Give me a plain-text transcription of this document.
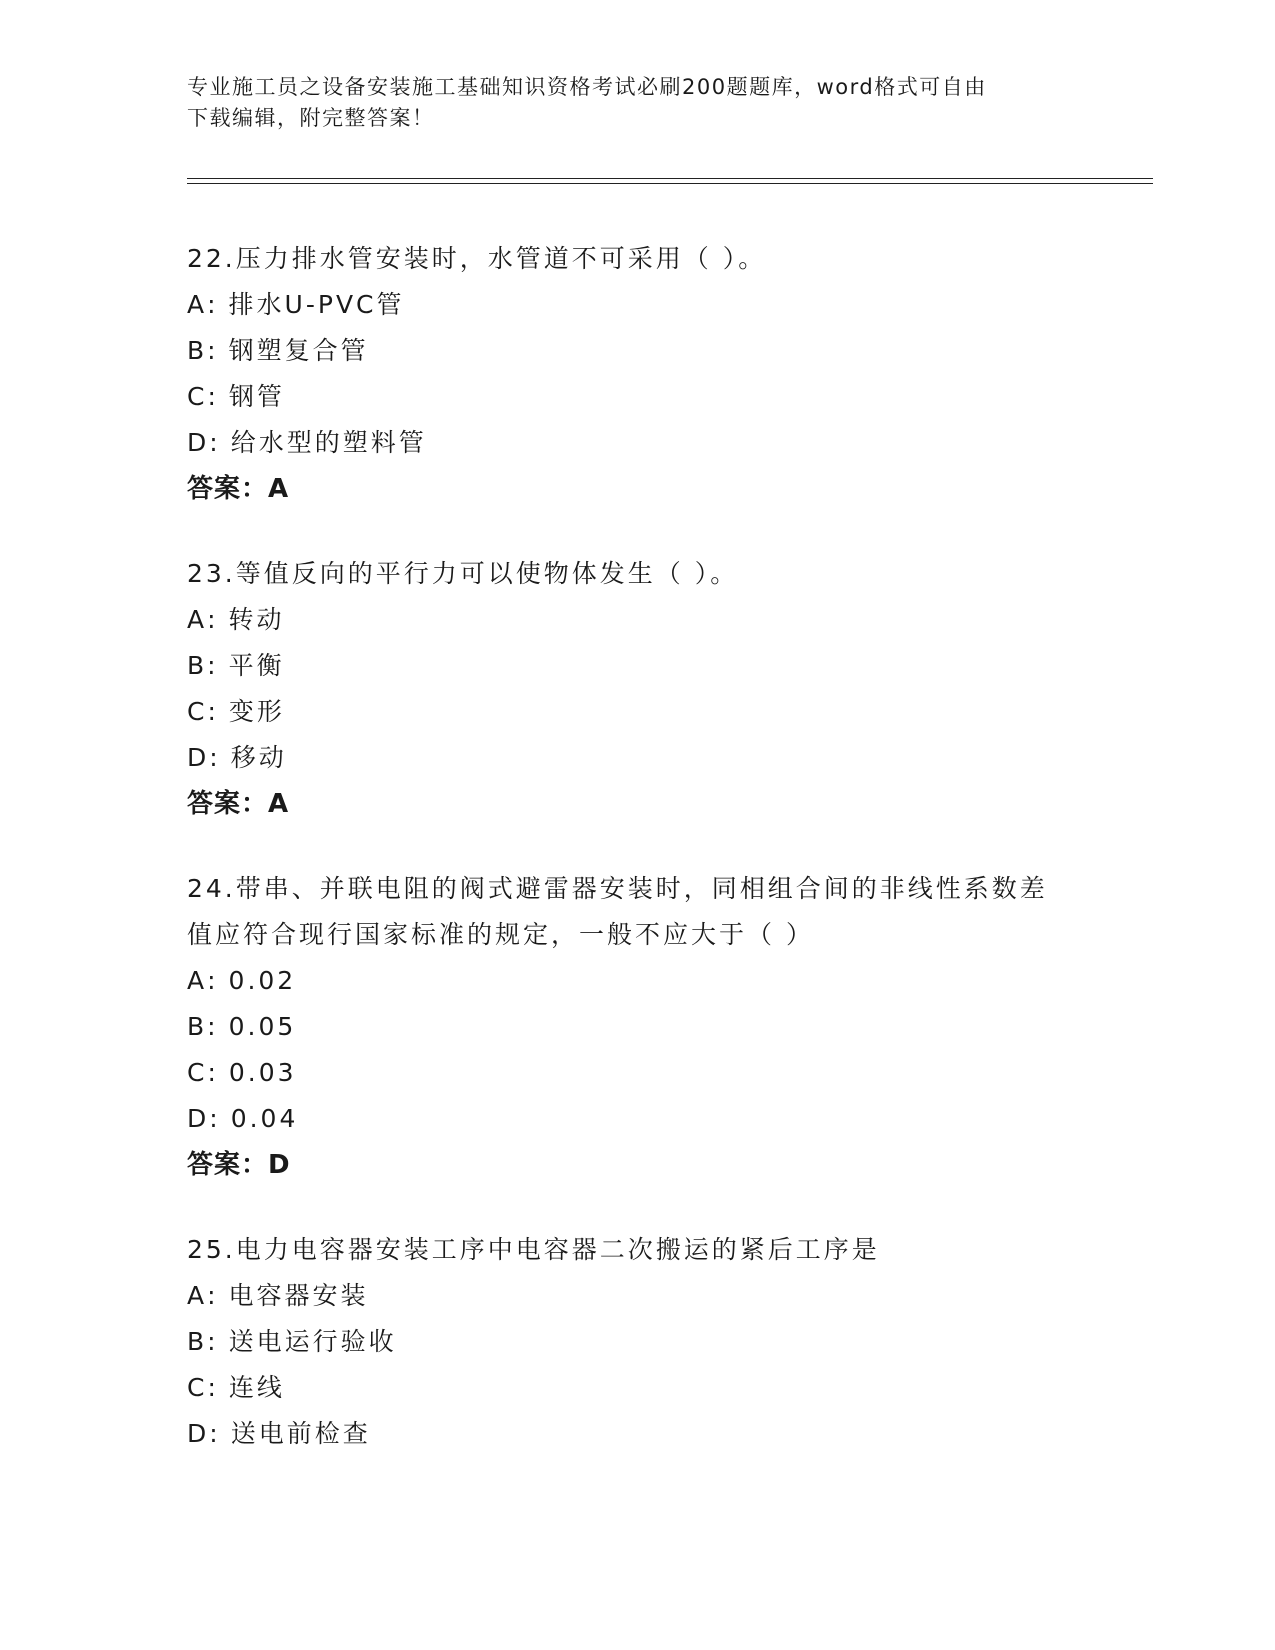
专业施工员之设备安装施工基础知识资格考试必刷200题题库，word格式可自由
下载编辑，附完整答案！
22.压力排水管安装时，水管道不可采用（ ）。
A: 排水U-PVC管
B: 钢塑复合管
C: 钢管
D: 给水型的塑料管
答案：A
23.等值反向的平行力可以使物体发生（ ）。
A: 转动
B: 平衡
C: 变形
D: 移动
答案：A
24.带串、并联电阻的阀式避雷器安装时，同相组合间的非线性系数差
值应符合现行国家标准的规定，一般不应大于（ ）
A: 0.02
B: 0.05
C: 0.03
D: 0.04
答案：D
25.电力电容器安装工序中电容器二次搬运的紧后工序是
A: 电容器安装
B: 送电运行验收
C: 连线
D: 送电前检查
